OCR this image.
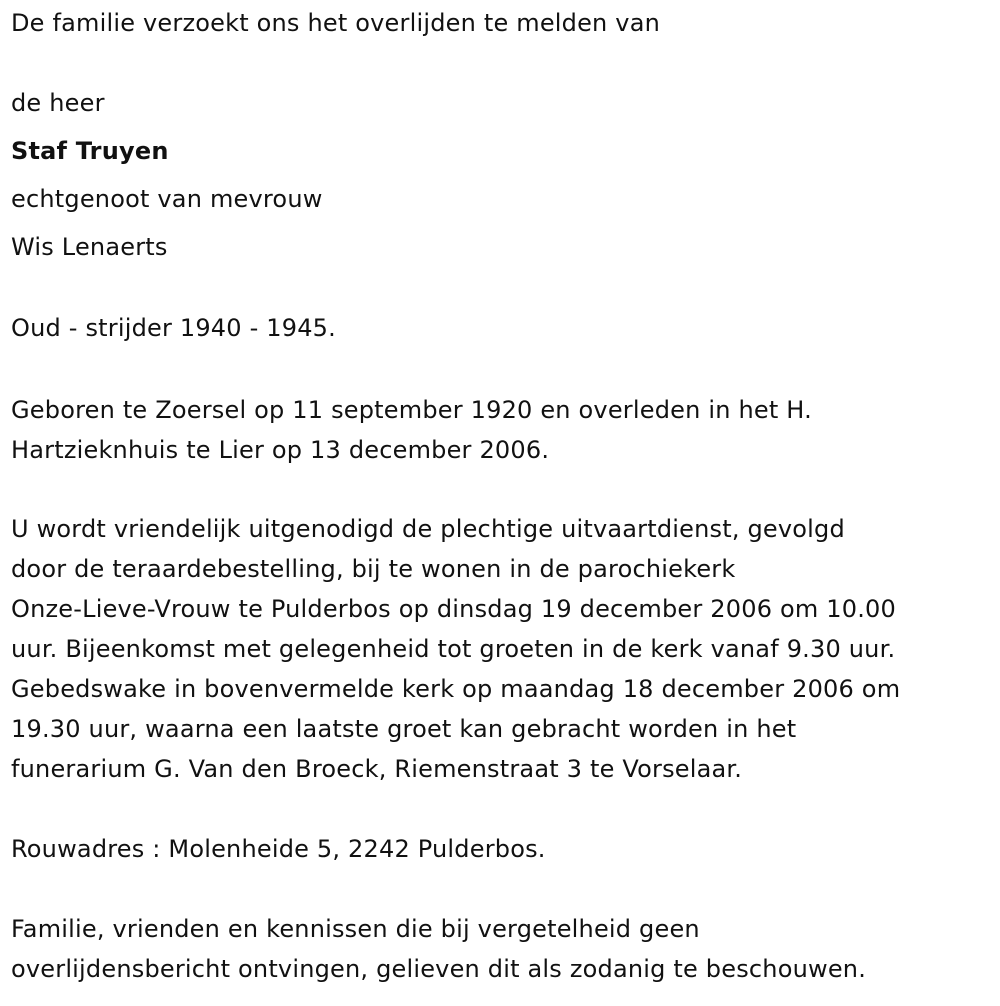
De familie verzoekt ons het overlijden te melden van
de heer
Staf Truyen
echtgenoot van mevrouw
Wis Lenaerts
Oud - strijder 1940 - 1945.
Geboren te Zoersel op 11 september 1920 en overleden in het H.
Hartzieknhuis te Lier op 13 december 2006.
U wordt vriendelijk uitgenodigd de plechtige uitvaartdienst, gevolgd
door de teraardebestelling, bij te wonen in de parochiekerk
Onze-Lieve-Vrouw te Pulderbos op dinsdag 19 december 2006 om 10.00
uur. Bijeenkomst met gelegenheid tot groeten in de kerk vanaf 9.30 uur.
Gebedswake in bovenvermelde kerk op maandag 18 december 2006 om
19.30 uur, waarna een laatste groet kan gebracht worden in het
funerarium G. Van den Broeck, Riemenstraat 3 te Vorselaar.
Rouwadres : Molenheide 5, 2242 Pulderbos.
Familie, vrienden en kennissen die bij vergetelheid geen
overlijdensbericht ontvingen, gelieven dit als zodanig te beschouwen.
